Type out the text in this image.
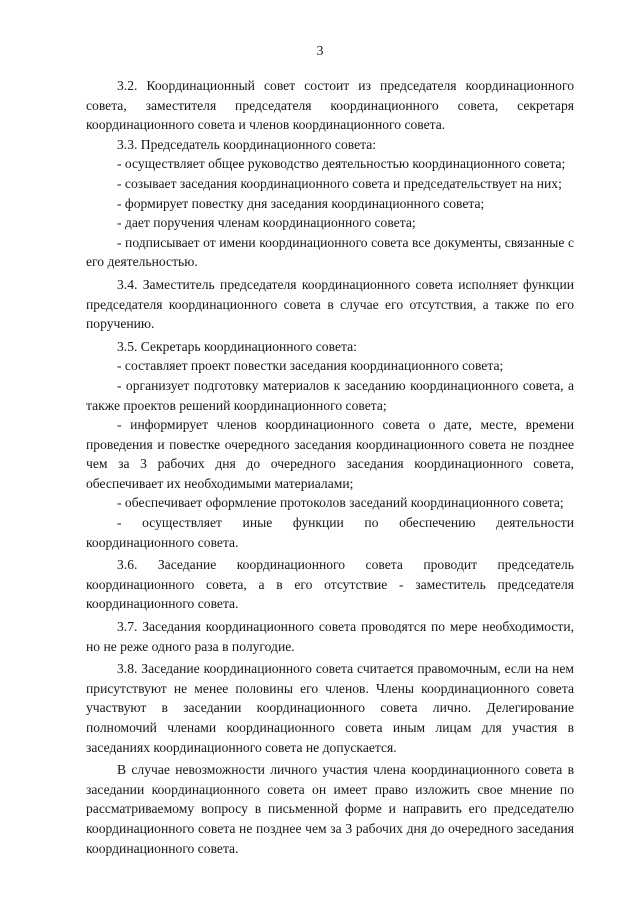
3

3.2. Координационный совет состоит из председателя координационного совета, заместителя председателя координационного совета, секретаря координационного совета и членов координационного совета.

3.3. Председатель координационного совета:

- осуществляет общее руководство деятельностью координационного совета;

- созывает заседания координационного совета и председательствует на них;

- формирует повестку дня заседания координационного совета;

- дает поручения членам координационного совета;

- подписывает от имени координационного совета все документы, связанные с его деятельностью.

3.4. Заместитель председателя координационного совета исполняет функции председателя координационного совета в случае его отсутствия, а также по его поручению.

3.5. Секретарь координационного совета:

- составляет проект повестки заседания координационного совета;

- организует подготовку материалов к заседанию координационного совета, а также проектов решений координационного совета;

- информирует членов координационного совета о дате, месте, времени проведения и повестке очередного заседания координационного совета не позднее чем за 3 рабочих дня до очередного заседания координационного совета, обеспечивает их необходимыми материалами;

- обеспечивает оформление протоколов заседаний координационного совета;

- осуществляет иные функции по обеспечению деятельности координационного совета.

3.6. Заседание координационного совета проводит председатель координационного совета, а в его отсутствие - заместитель председателя координационного совета.

3.7. Заседания координационного совета проводятся по мере необходимости, но не реже одного раза в полугодие.

3.8. Заседание координационного совета считается правомочным, если на нем присутствуют не менее половины его членов. Члены координационного совета участвуют в заседании координационного совета лично. Делегирование полномочий членами координационного совета иным лицам для участия в заседаниях координационного совета не допускается.

В случае невозможности личного участия члена координационного совета в заседании координационного совета он имеет право изложить свое мнение по рассматриваемому вопросу в письменной форме и направить его председателю координационного совета не позднее чем за 3 рабочих дня до очередного заседания координационного совета.
